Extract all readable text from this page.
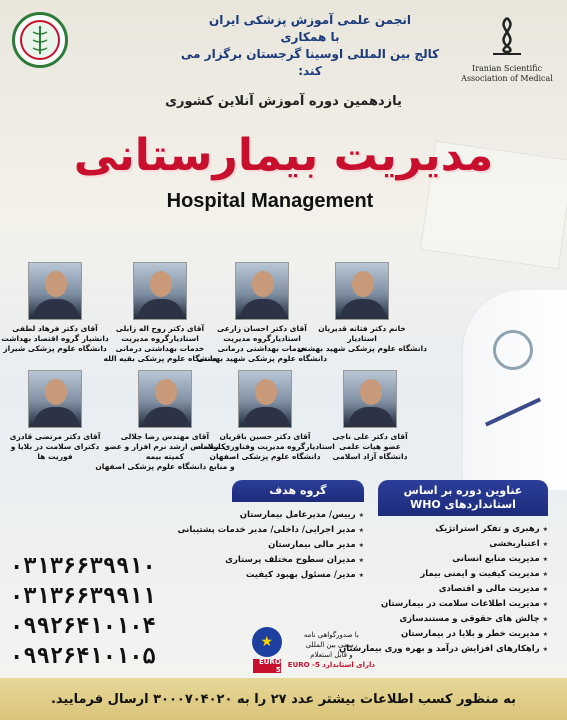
Iranian Scientific
Association of Medical
انجمن علمی آموزش پزشکی ایران
با همکاری
کالج بین المللی اوسینا گرجستان برگزار می کند:
یازدهمین دوره آموزش آنلاین کشوری
مدیریت بیمارستانی
Hospital Management
خانم دکتر فتانه قدیریان
استادیار
دانشگاه علوم پزشکی شهید بهشتی
آقای دکتر احسان زارعی
استادیارگروه مدیریت
خدمات بهداشتی درمانی
دانشگاه علوم پزشکی شهید بهشتی
آقای دکتر روح اله زابلی
استادیارگروه مدیریت
خدمات بهداشتی درمانی
دانشگاه علوم پزشکی بقیه الله
آقای دکتر فرهاد لطفی
دانشیار گروه اقتصاد بهداشت
دانشگاه علوم پزشکی شیراز
آقای دکتر علی ناجی
عضو هیات علمی
دانشگاه آزاد اسلامی
آقای دکتر حسین باقریان
استادیارگروه مدیریت وفناوری سلامت
دانشگاه علوم پزشکی اصفهان
آقای مهندس رضا جلالی
کارشناس ارشد نرم افزار و عضو کمیته بیمه
و منابع دانشگاه علوم پزشکی اصفهان
آقای دکتر مرتضی قادری
دکترای سلامت در بلایا و فوریت ها
گروه هدف
★ رییس/ مدیرعامل بیمارستان
★ مدیر اجرایی/ داخلی/ مدیر خدمات پشتیبانی
★ مدیر مالی بیمارستان
★ مدیران سطوح مختلف پرستاری
★ مدیر/ مسئول بهبود کیفیت
عناوین دوره بر اساس
استانداردهای WHO
★ رهبری و تفکر استراتژیک
★ اعتباربخشی
★ مدیریت منابع انسانی
★ مدیریت کیفیت و ایمنی بیمار
★ مدیریت مالی و اقتصادی
★ مدیریت اطلاعات سلامت در بیمارستان
★ چالش های حقوقی و مستندسازی
★ مدیریت خطر و بلایا در بیمارستان
★ راهکارهای افزایش درآمد و بهره وری بیمارستان
۰۳۱۳۶۶۳۹۹۱۰
۰۳۱۳۶۶۳۹۹۱۱
۰۹۹۲۶۴۱۰۱۰۴
۰۹۹۲۶۴۱۰۱۰۵
با صدورگواهی نامه
رسمی بین المللی
و قابل استعلام
دارای استاندارد 5- EURO
★
EURO 5
به منظور کسب اطلاعات بیشتر عدد ۲۷ را به ۳۰۰۰۷۰۴۰۲۰ ارسال فرمایید.
